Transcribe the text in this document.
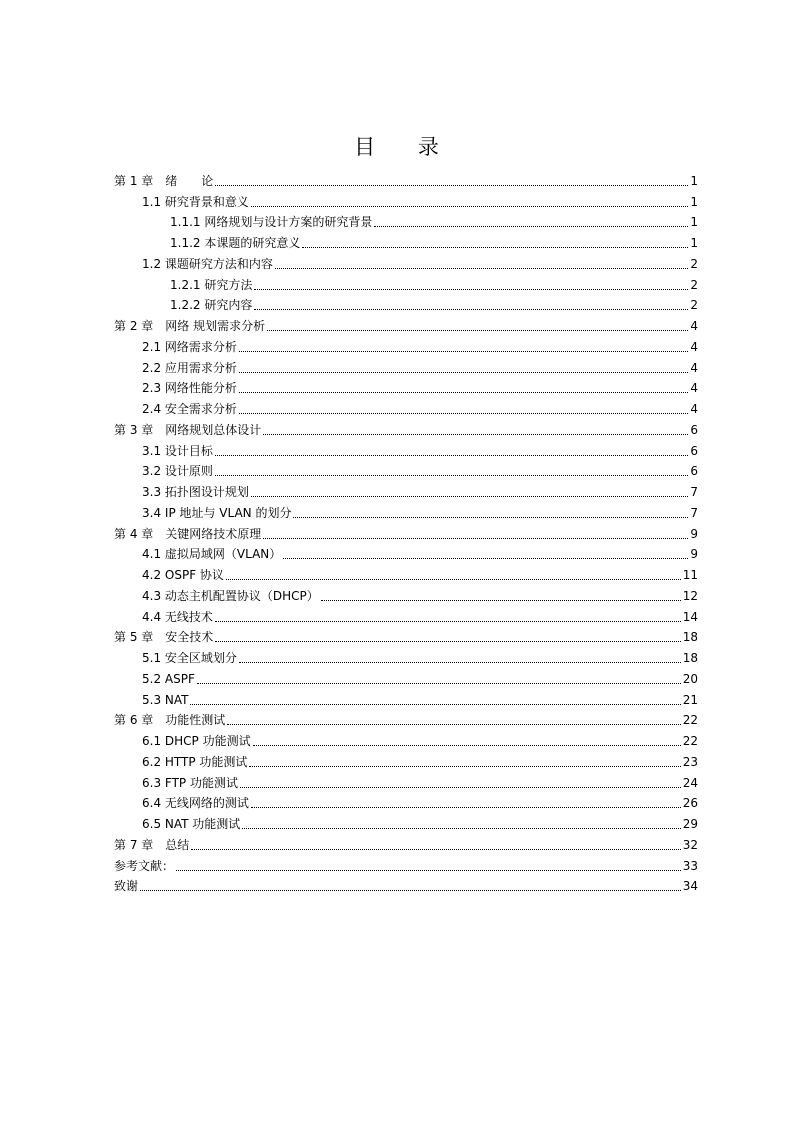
目 录
第 1 章　绪　　论	1
1.1 研究背景和意义	1
1.1.1 网络规划与设计方案的研究背景	1
1.1.2 本课题的研究意义	1
1.2 课题研究方法和内容	2
1.2.1 研究方法	2
1.2.2 研究内容	2
第 2 章　网络 规划需求分析	4
2.1 网络需求分析	4
2.2 应用需求分析	4
2.3 网络性能分析	4
2.4 安全需求分析	4
第 3 章　网络规划总体设计	6
3.1 设计目标	6
3.2 设计原则	6
3.3 拓扑图设计规划	7
3.4 IP 地址与 VLAN 的划分	7
第 4 章　关键网络技术原理	9
4.1 虚拟局域网（VLAN）	9
4.2 OSPF 协议	11
4.3 动态主机配置协议（DHCP）	12
4.4 无线技术	14
第 5 章　安全技术	18
5.1 安全区域划分	18
5.2 ASPF	20
5.3 NAT	21
第 6 章　功能性测试	22
6.1 DHCP 功能测试	22
6.2 HTTP 功能测试	23
6.3 FTP 功能测试	24
6.4 无线网络的测试	26
6.5 NAT 功能测试	29
第 7 章　总结	32
参考文献：	33
致谢	34
